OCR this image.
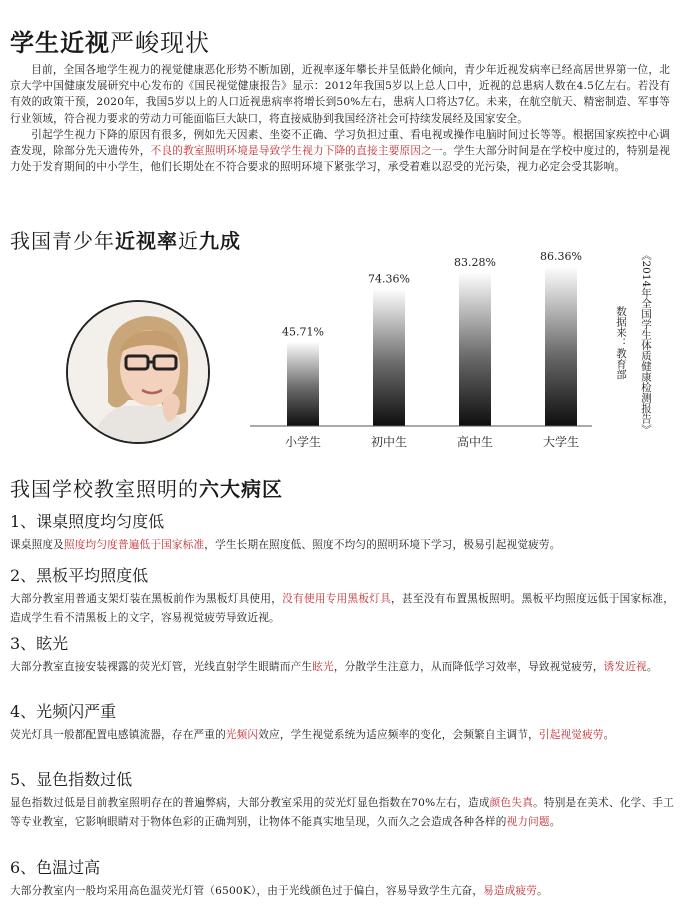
学生近视严峻现状

目前，全国各地学生视力的视觉健康恶化形势不断加剧，近视率逐年攀长并呈低龄化倾向，青少年近视发病率已经高居世界第一位，北京大学中国健康发展研究中心发布的《国民视觉健康报告》显示：2012年我国5岁以上总人口中，近视的总患病人数在4.5亿左右。若没有有效的政策干预，2020年，我国5岁以上的人口近视患病率将增长到50%左右，患病人口将达7亿。未来，在航空航天、精密制造、军事等行业领域，符合视力要求的劳动力可能面临巨大缺口，将直接威胁到我国经济社会可持续发展经及国家安全。

引起学生视力下降的原因有很多，例如先天因素、坐姿不正确、学习负担过重、看电视或操作电脑时间过长等等。根据国家疾控中心调查发现，除部分先天遗传外，不良的教室照明环境是导致学生视力下降的直接主要原因之一。学生大部分时间是在学校中度过的，特别是视力处于发育期间的中小学生，他们长期处在不符合要求的照明环境下紧张学习，承受着难以忍受的光污染，视力必定会受其影响。

我国青少年近视率近九成
45.71%
小学生
74.36%
初中生
83.28%
高中生
86.36%
大学生
《2014年全国学生体质健康检测报告》
数据来：教育部
我国学校教室照明的六大病区
1、课桌照度均匀度低
课桌照度及照度均匀度普遍低于国家标准，学生长期在照度低、照度不均匀的照明环境下学习，极易引起视觉疲劳。
2、黑板平均照度低
大部分教室用普通支架灯装在黑板前作为黑板灯具使用，没有使用专用黑板灯具，甚至没有布置黑板照明。黑板平均照度远低于国家标准，造成学生看不清黑板上的文字，容易视觉疲劳导致近视。
3、眩光
大部分教室直接安装裸露的荧光灯管，光线直射学生眼睛而产生眩光，分散学生注意力，从而降低学习效率，导致视觉疲劳，诱发近视。
4、光频闪严重
荧光灯具一般都配置电感镇流器，存在严重的光频闪效应，学生视觉系统为适应频率的变化，会频繁自主调节，引起视觉疲劳。
5、显色指数过低
显色指数过低是目前教室照明存在的普遍弊病，大部分教室采用的荧光灯显色指数在70%左右，造成颜色失真。特别是在美术、化学、手工等专业教室，它影响眼睛对于物体色彩的正确判别，让物体不能真实地呈现，久而久之会造成各种各样的视力问题。
6、色温过高
大部分教室内一般均采用高色温荧光灯管（6500K），由于光线颜色过于偏白，容易导致学生亢奋，易造成疲劳。
